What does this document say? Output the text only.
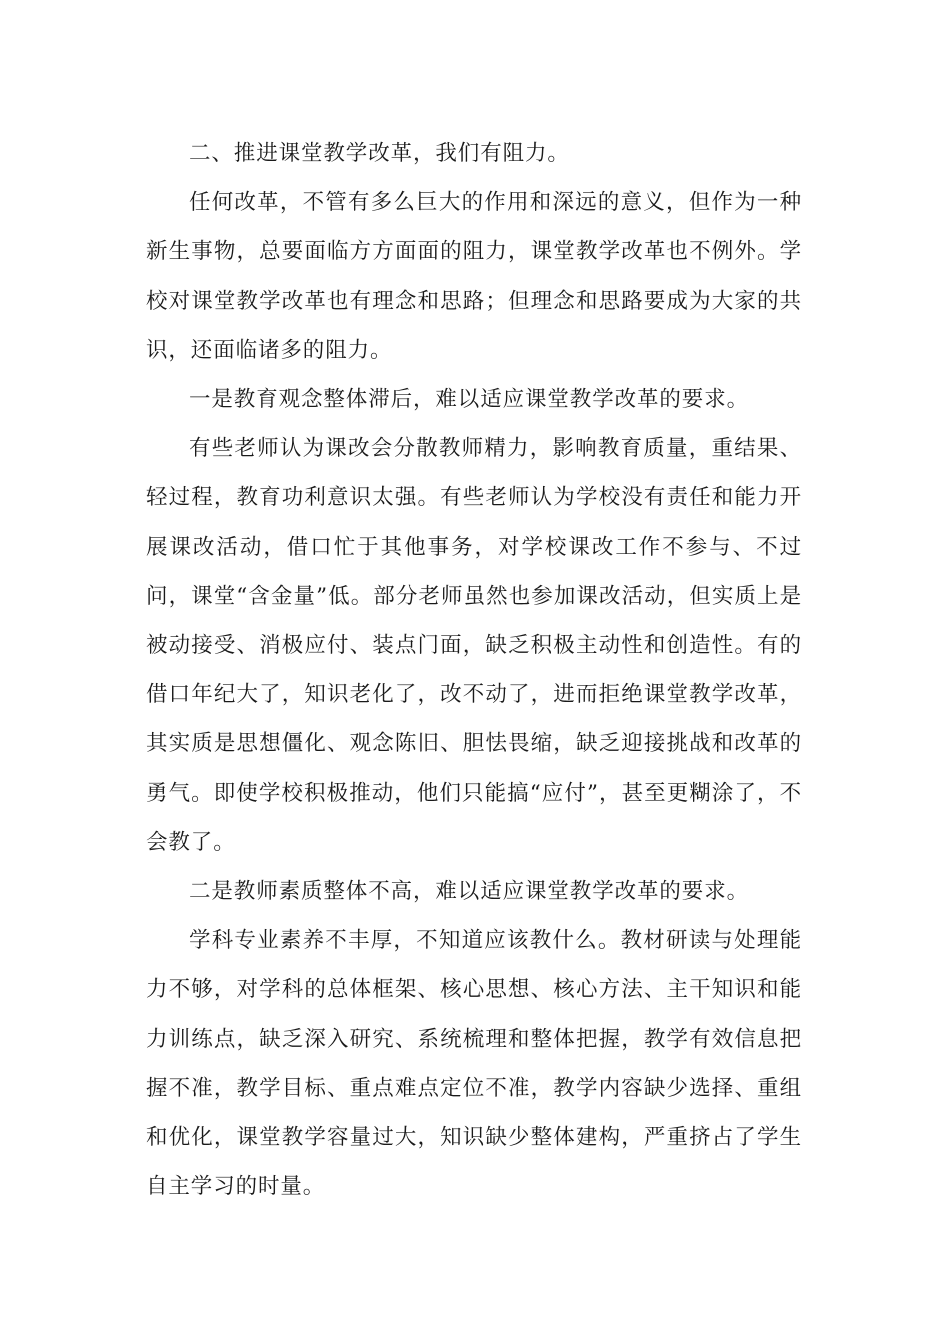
二、推进课堂教学改革，我们有阻力。

任何改革，不管有多么巨大的作用和深远的意义，但作为一种新生事物，总要面临方方面面的阻力，课堂教学改革也不例外。学校对课堂教学改革也有理念和思路；但理念和思路要成为大家的共识，还面临诸多的阻力。

一是教育观念整体滞后，难以适应课堂教学改革的要求。

有些老师认为课改会分散教师精力，影响教育质量，重结果、轻过程，教育功利意识太强。有些老师认为学校没有责任和能力开展课改活动，借口忙于其他事务，对学校课改工作不参与、不过问，课堂“含金量”低。部分老师虽然也参加课改活动，但实质上是被动接受、消极应付、装点门面，缺乏积极主动性和创造性。有的借口年纪大了，知识老化了，改不动了，进而拒绝课堂教学改革，其实质是思想僵化、观念陈旧、胆怯畏缩，缺乏迎接挑战和改革的勇气。即使学校积极推动，他们只能搞“应付”，甚至更糊涂了，不会教了。

二是教师素质整体不高，难以适应课堂教学改革的要求。

学科专业素养不丰厚，不知道应该教什么。教材研读与处理能力不够，对学科的总体框架、核心思想、核心方法、主干知识和能力训练点，缺乏深入研究、系统梳理和整体把握，教学有效信息把握不准，教学目标、重点难点定位不准，教学内容缺少选择、重组和优化，课堂教学容量过大，知识缺少整体建构，严重挤占了学生自主学习的时量。
